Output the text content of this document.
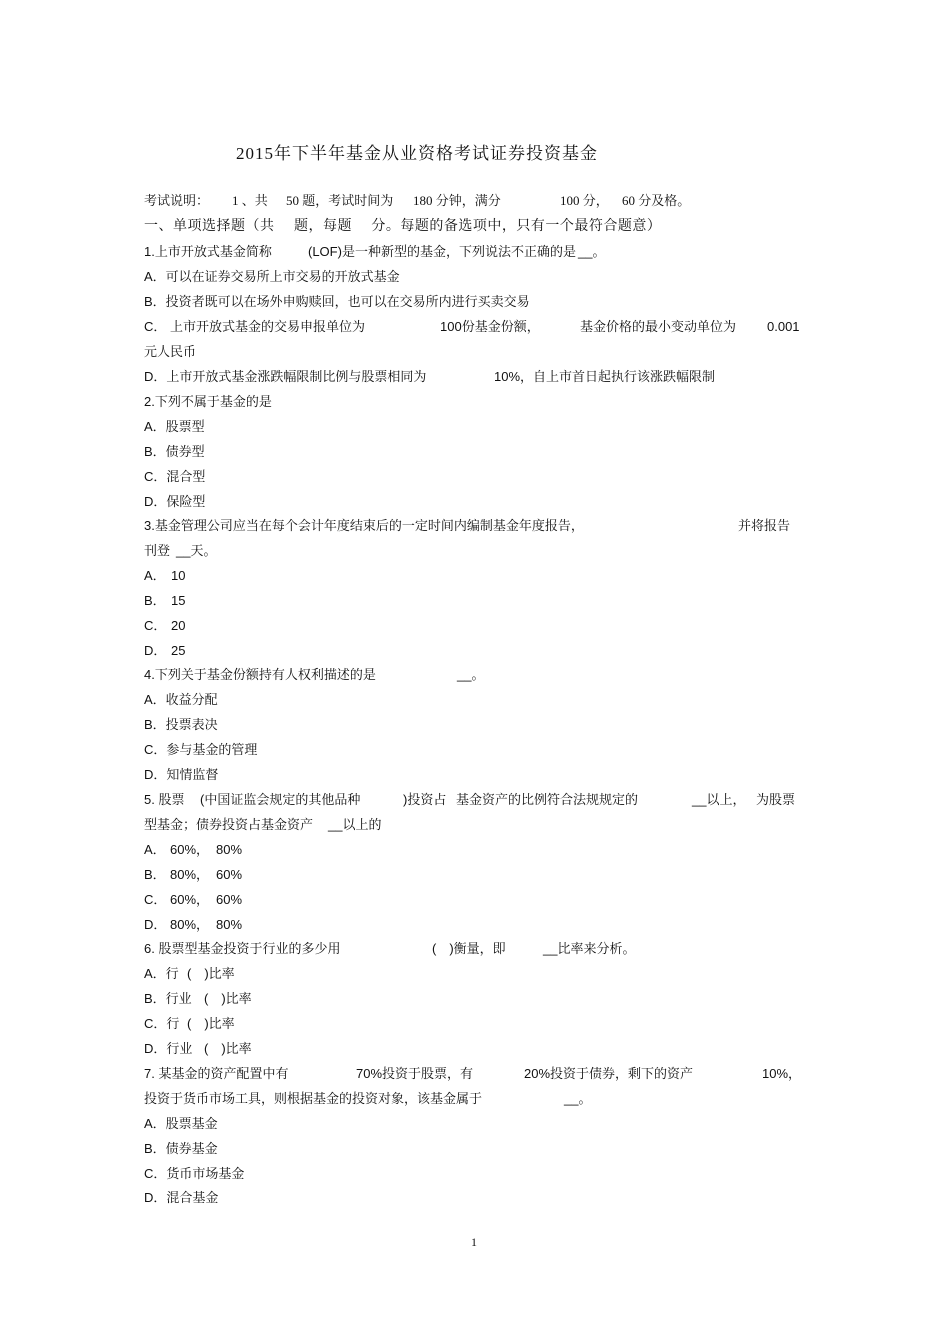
2015年下半年基金从业资格考试证券投资基金
考试说明： 1 、共 50 题，考试时间为 180 分钟，满分	100 分， 60 分及格。
一、单项选择题（共　 题，每题　 分。每题的备选项中，只有一个最符合题意）
1.上市开放式基金简称	(LOF)是一种新型的基金，下列说法不正确的是 __。
A．可以在证券交易所上市交易的开放式基金
B．投资者既可以在场外申购赎回，也可以在交易所内进行买卖交易
C． 上市开放式基金的交易申报单位为	100份基金份额，	基金价格的最小变动单位为 0.001
元人民币
D．上市开放式基金涨跌幅限制比例与股票相同为	10%，自上市首日起执行该涨跌幅限制
2.下列不属于基金的是
A．股票型
B．债券型
C．混合型
D．保险型
3.基金管理公司应当在每个会计年度结束后的一定时间内编制基金年度报告，	并将报告
刊登 __天。
A． 10
B． 15
C． 20
D． 25
4.下列关于基金份额持有人权利描述的是	__。
A．收益分配
B．投票表决
C．参与基金的管理
D．知情监督
5. 股票 (中国证监会规定的其他品种	)投资占 基金资产的比例符合法规规定的	__以上， 为股票
型基金；债券投资占基金资产 __以上的
A． 60%， 80%
B． 80%， 60%
C． 60%， 60%
D． 80%， 80%
6. 股票型基金投资于行业的多少用	(　)衡量，即	__比率来分析。
A．行 (　)比率
B．行业 (　)比率
C．行 (　)比率
D．行业 (　)比率
7. 某基金的资产配置中有	70%投资于股票，有	20%投资于债券，剩下的资产	10%，
投资于货币市场工具，则根据基金的投资对象，该基金属于	__。
A．股票基金
B．债券基金
C．货币市场基金
D．混合基金
1
